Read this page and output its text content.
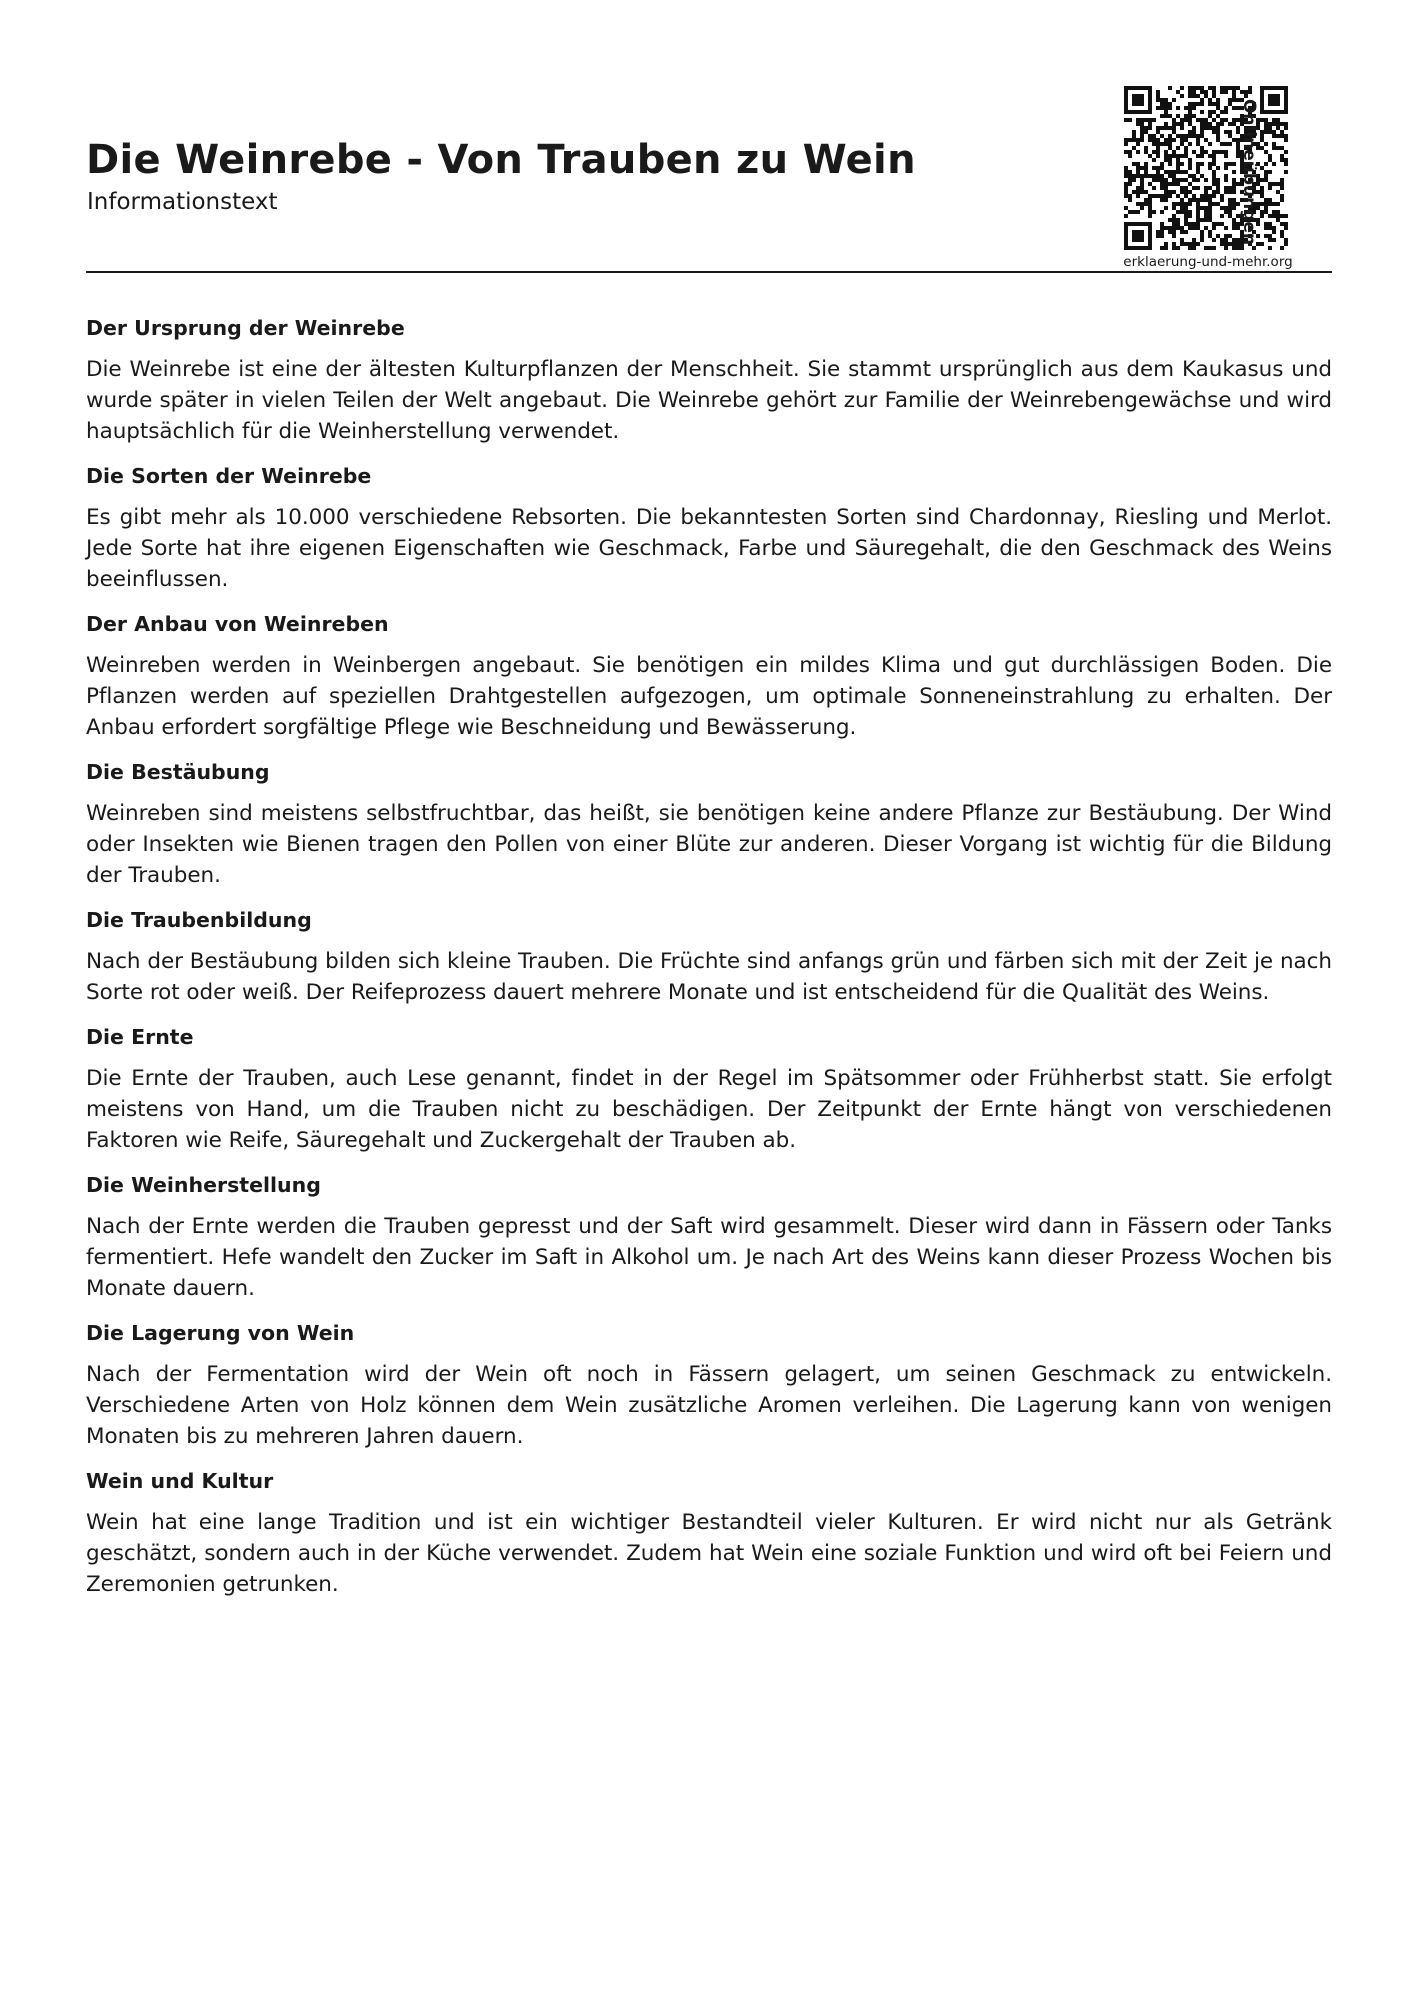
Die Weinrebe - Von Trauben zu Wein
Informationstext
erklaerung-und-mehr.org
Onlineübungen
Der Ursprung der Weinrebe

Die Weinrebe ist eine der ältesten Kulturpflanzen der Menschheit. Sie stammt ursprünglich aus dem Kaukasus und wurde später in vielen Teilen der Welt angebaut. Die Weinrebe gehört zur Familie der Weinrebengewächse und wird hauptsächlich für die Weinherstellung verwendet.

Die Sorten der Weinrebe

Es gibt mehr als 10.000 verschiedene Rebsorten. Die bekanntesten Sorten sind Chardonnay, Riesling und Merlot. Jede Sorte hat ihre eigenen Eigenschaften wie Geschmack, Farbe und Säuregehalt, die den Geschmack des Weins beeinflussen.

Der Anbau von Weinreben

Weinreben werden in Weinbergen angebaut. Sie benötigen ein mildes Klima und gut durchlässigen Boden. Die Pflanzen werden auf speziellen Drahtgestellen aufgezogen, um optimale Sonneneinstrahlung zu erhalten. Der Anbau erfordert sorgfältige Pflege wie Beschneidung und Bewässerung.

Die Bestäubung

Weinreben sind meistens selbstfruchtbar, das heißt, sie benötigen keine andere Pflanze zur Bestäubung. Der Wind oder Insekten wie Bienen tragen den Pollen von einer Blüte zur anderen. Dieser Vorgang ist wichtig für die Bildung der Trauben.

Die Traubenbildung

Nach der Bestäubung bilden sich kleine Trauben. Die Früchte sind anfangs grün und färben sich mit der Zeit je nach Sorte rot oder weiß. Der Reifeprozess dauert mehrere Monate und ist entscheidend für die Qualität des Weins.

Die Ernte

Die Ernte der Trauben, auch Lese genannt, findet in der Regel im Spätsommer oder Frühherbst statt. Sie erfolgt meistens von Hand, um die Trauben nicht zu beschädigen. Der Zeitpunkt der Ernte hängt von verschiedenen Faktoren wie Reife, Säuregehalt und Zuckergehalt der Trauben ab.

Die Weinherstellung

Nach der Ernte werden die Trauben gepresst und der Saft wird gesammelt. Dieser wird dann in Fässern oder Tanks fermentiert. Hefe wandelt den Zucker im Saft in Alkohol um. Je nach Art des Weins kann dieser Prozess Wochen bis Monate dauern.

Die Lagerung von Wein

Nach der Fermentation wird der Wein oft noch in Fässern gelagert, um seinen Geschmack zu entwickeln. Verschiedene Arten von Holz können dem Wein zusätzliche Aromen verleihen. Die Lagerung kann von wenigen Monaten bis zu mehreren Jahren dauern.

Wein und Kultur

Wein hat eine lange Tradition und ist ein wichtiger Bestandteil vieler Kulturen. Er wird nicht nur als Getränk geschätzt, sondern auch in der Küche verwendet. Zudem hat Wein eine soziale Funktion und wird oft bei Feiern und Zeremonien getrunken.
